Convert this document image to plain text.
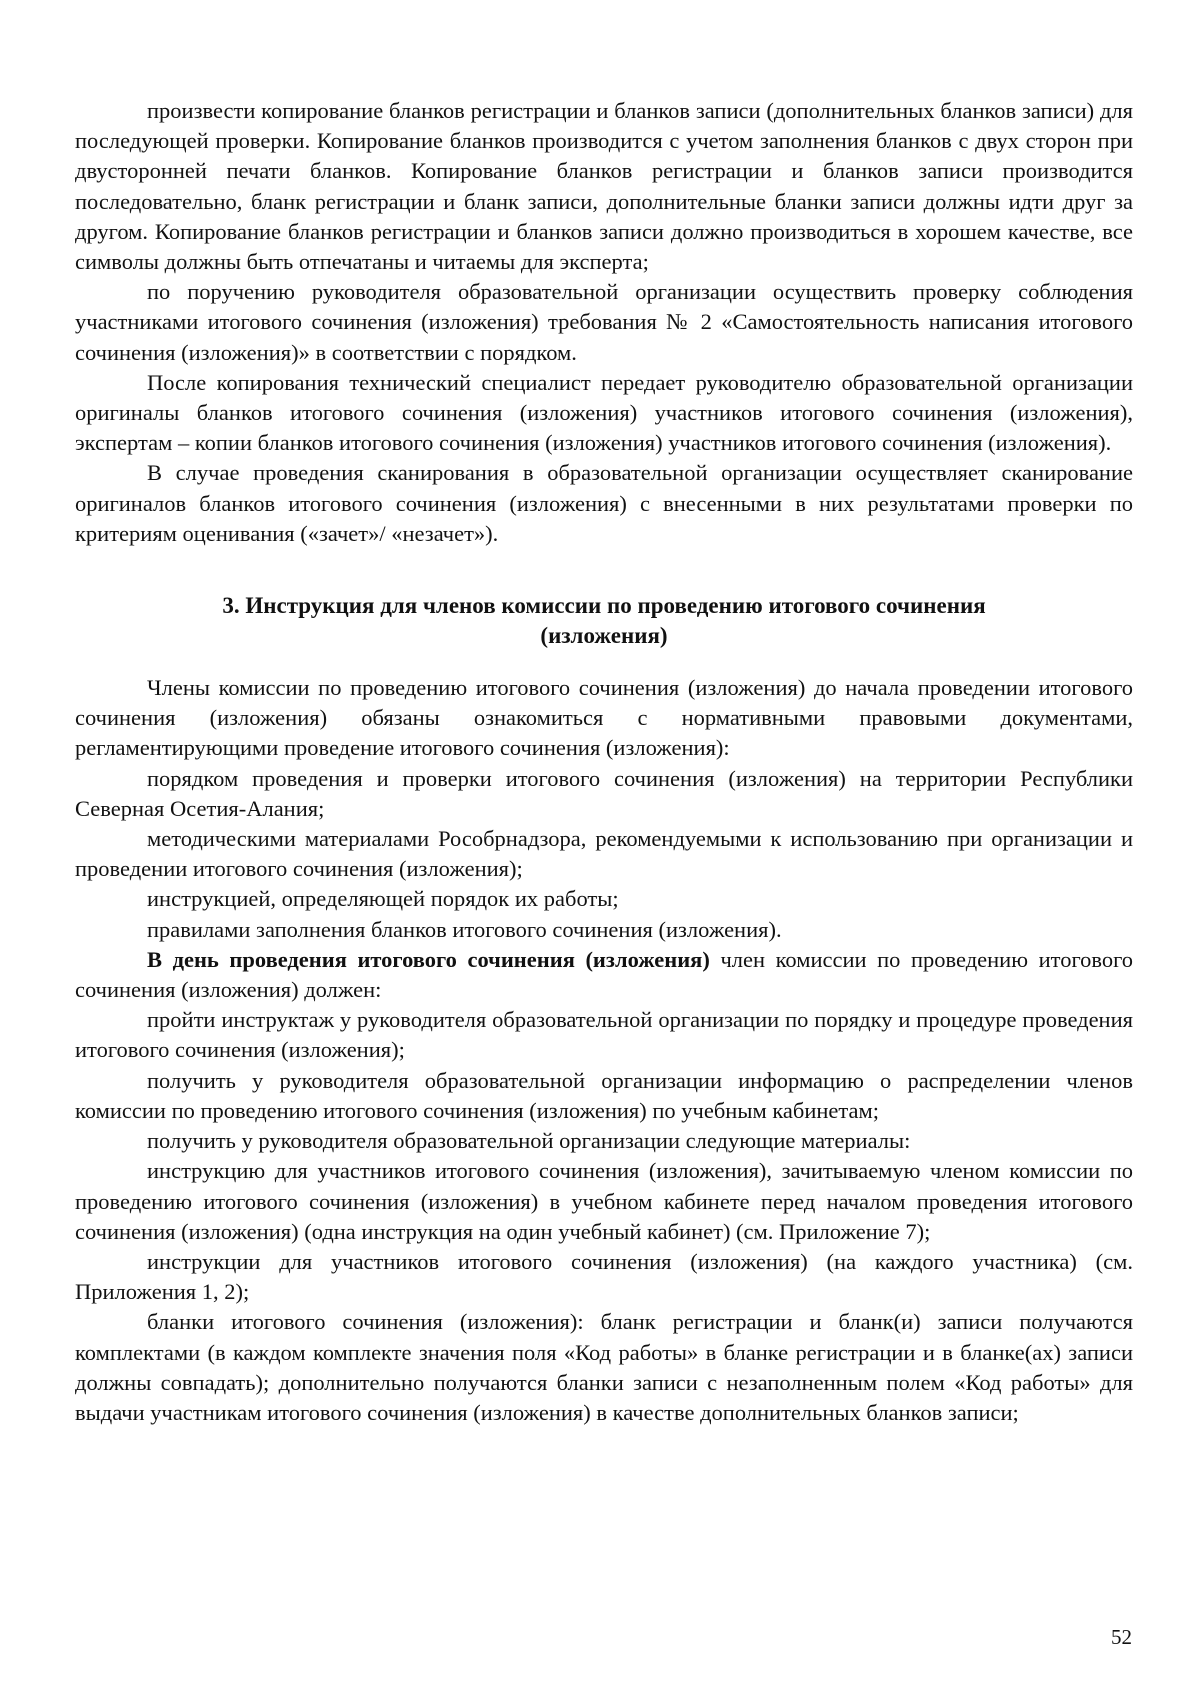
произвести копирование бланков регистрации и бланков записи (дополнительных бланков записи) для последующей проверки. Копирование бланков производится с учетом заполнения бланков с двух сторон при двусторонней печати бланков. Копирование бланков регистрации и бланков записи производится последовательно, бланк регистрации и бланк записи, дополнительные бланки записи должны идти друг за другом. Копирование бланков регистрации и бланков записи должно производиться в хорошем качестве, все символы должны быть отпечатаны и читаемы для эксперта;

по поручению руководителя образовательной организации осуществить проверку соблюдения участниками итогового сочинения (изложения) требования № 2 «Самостоятельность написания итогового сочинения (изложения)» в соответствии с порядком.

После копирования технический специалист передает руководителю образовательной организации оригиналы бланков итогового сочинения (изложения) участников итогового сочинения (изложения), экспертам – копии бланков итогового сочинения (изложения) участников итогового сочинения (изложения).

В случае проведения сканирования в образовательной организации осуществляет сканирование оригиналов бланков итогового сочинения (изложения) с внесенными в них результатами проверки по критериям оценивания («зачет»/ «незачет»).

3. Инструкция для членов комиссии по проведению итогового сочинения
(изложения)

Члены комиссии по проведению итогового сочинения (изложения) до начала проведении итогового сочинения (изложения) обязаны ознакомиться с нормативными правовыми документами, регламентирующими проведение итогового сочинения (изложения):

порядком проведения и проверки итогового сочинения (изложения) на территории Республики Северная Осетия-Алания;

методическими материалами Рособрнадзора, рекомендуемыми к использованию при организации и проведении итогового сочинения (изложения);

инструкцией, определяющей порядок их работы;

правилами заполнения бланков итогового сочинения (изложения).

В день проведения итогового сочинения (изложения) член комиссии по проведению итогового сочинения (изложения) должен:

пройти инструктаж у руководителя образовательной организации по порядку и процедуре проведения итогового сочинения (изложения);

получить у руководителя образовательной организации информацию о распределении членов комиссии по проведению итогового сочинения (изложения) по учебным кабинетам;

получить у руководителя образовательной организации следующие материалы:

инструкцию для участников итогового сочинения (изложения), зачитываемую членом комиссии по проведению итогового сочинения (изложения) в учебном кабинете перед началом проведения итогового сочинения (изложения) (одна инструкция на один учебный кабинет) (см. Приложение 7);

инструкции для участников итогового сочинения (изложения) (на каждого участника) (см. Приложения 1, 2);

бланки итогового сочинения (изложения): бланк регистрации и бланк(и) записи получаются комплектами (в каждом комплекте значения поля «Код работы» в бланке регистрации и в бланке(ах) записи должны совпадать); дополнительно получаются бланки записи с незаполненным полем «Код работы» для выдачи участникам итогового сочинения (изложения) в качестве дополнительных бланков записи;

52
